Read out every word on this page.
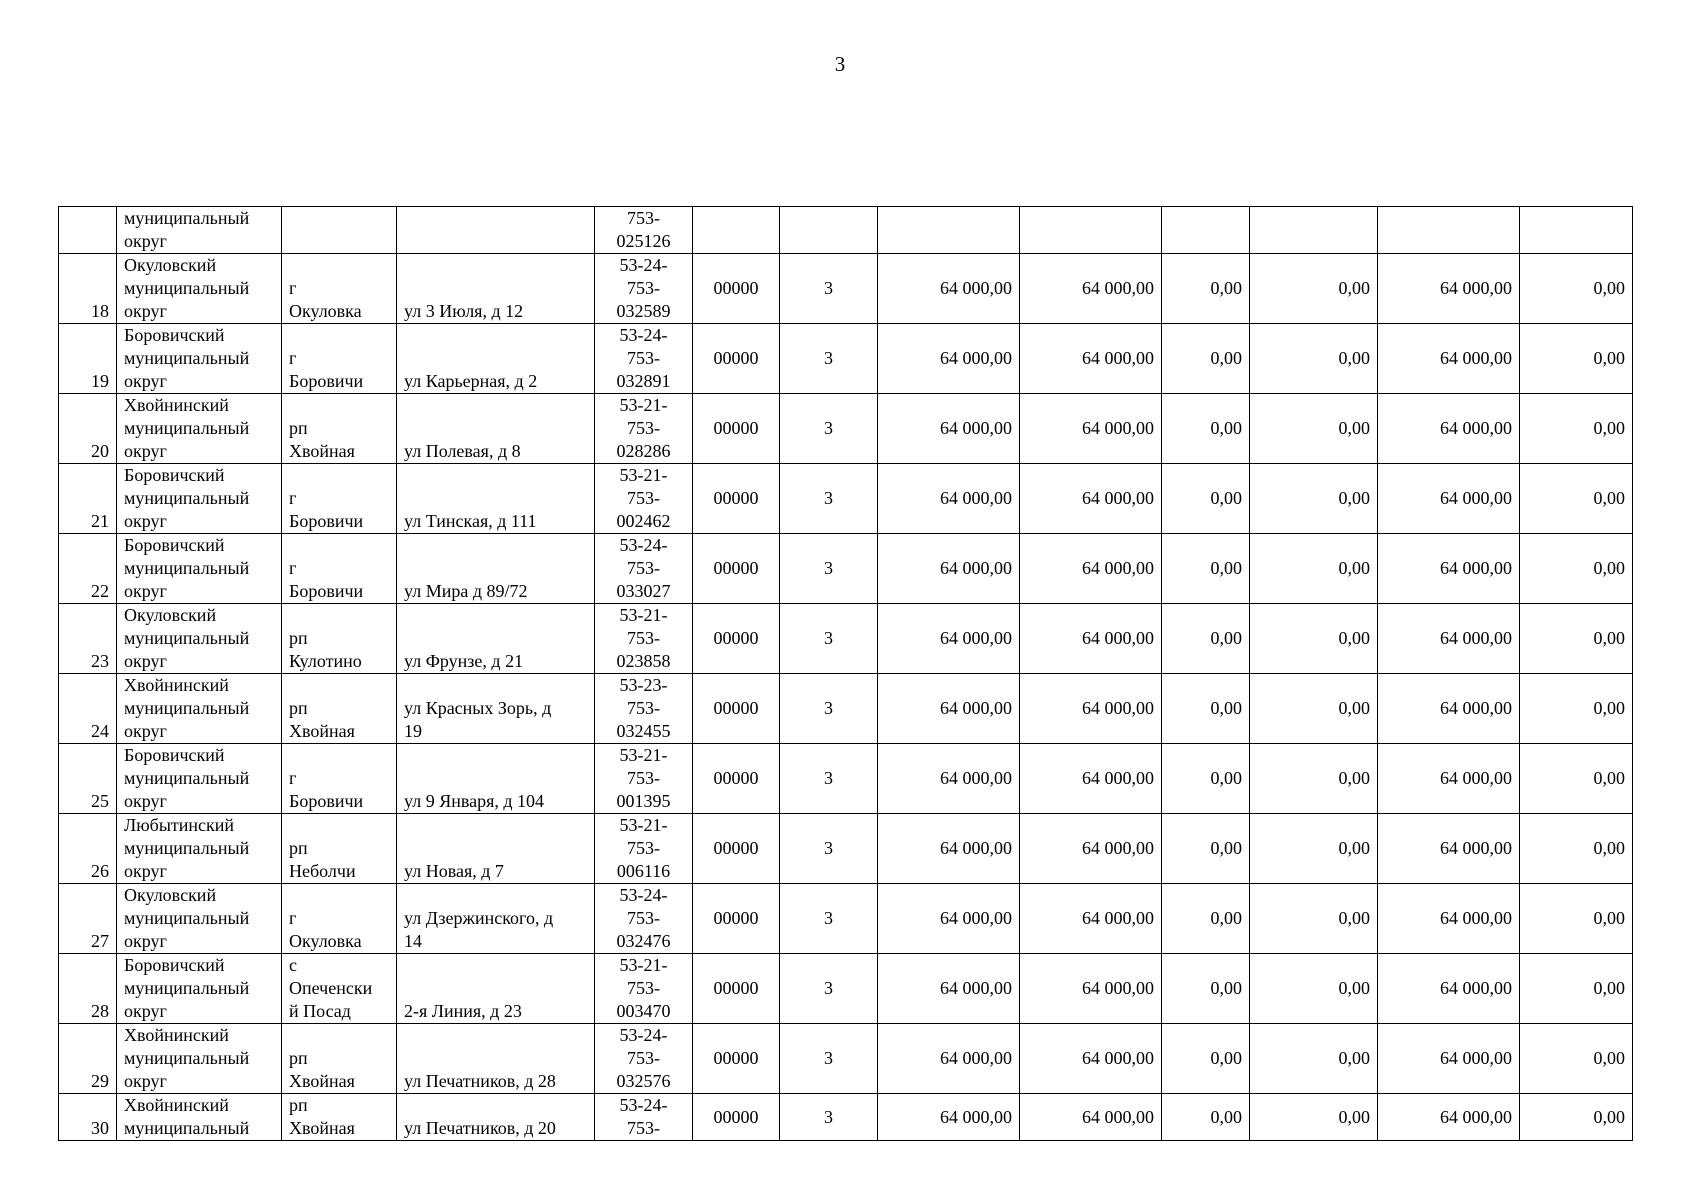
3
	муниципальный
округ			753-
025126								
18	Окуловский
муниципальный
округ	г
Окуловка	ул 3 Июля, д 12	53-24-
753-
032589	00000	3	64 000,00	64 000,00	0,00	0,00	64 000,00	0,00
19	Боровичский
муниципальный
округ	г
Боровичи	ул Карьерная, д 2	53-24-
753-
032891	00000	3	64 000,00	64 000,00	0,00	0,00	64 000,00	0,00
20	Хвойнинский
муниципальный
округ	рп
Хвойная	ул Полевая, д 8	53-21-
753-
028286	00000	3	64 000,00	64 000,00	0,00	0,00	64 000,00	0,00
21	Боровичский
муниципальный
округ	г
Боровичи	ул Тинская, д 111	53-21-
753-
002462	00000	3	64 000,00	64 000,00	0,00	0,00	64 000,00	0,00
22	Боровичский
муниципальный
округ	г
Боровичи	ул Мира д 89/72	53-24-
753-
033027	00000	3	64 000,00	64 000,00	0,00	0,00	64 000,00	0,00
23	Окуловский
муниципальный
округ	рп
Кулотино	ул Фрунзе, д 21	53-21-
753-
023858	00000	3	64 000,00	64 000,00	0,00	0,00	64 000,00	0,00
24	Хвойнинский
муниципальный
округ	рп
Хвойная	ул Красных Зорь, д
19	53-23-
753-
032455	00000	3	64 000,00	64 000,00	0,00	0,00	64 000,00	0,00
25	Боровичский
муниципальный
округ	г
Боровичи	ул 9 Января, д 104	53-21-
753-
001395	00000	3	64 000,00	64 000,00	0,00	0,00	64 000,00	0,00
26	Любытинский
муниципальный
округ	рп
Неболчи	ул Новая, д 7	53-21-
753-
006116	00000	3	64 000,00	64 000,00	0,00	0,00	64 000,00	0,00
27	Окуловский
муниципальный
округ	г
Окуловка	ул Дзержинского, д
14	53-24-
753-
032476	00000	3	64 000,00	64 000,00	0,00	0,00	64 000,00	0,00
28	Боровичский
муниципальный
округ	с
Опеченски
й Посад	2-я Линия, д 23	53-21-
753-
003470	00000	3	64 000,00	64 000,00	0,00	0,00	64 000,00	0,00
29	Хвойнинский
муниципальный
округ	рп
Хвойная	ул Печатников, д 28	53-24-
753-
032576	00000	3	64 000,00	64 000,00	0,00	0,00	64 000,00	0,00
30	Хвойнинский
муниципальный	рп
Хвойная	ул Печатников, д 20	53-24-
753-	00000	3	64 000,00	64 000,00	0,00	0,00	64 000,00	0,00
